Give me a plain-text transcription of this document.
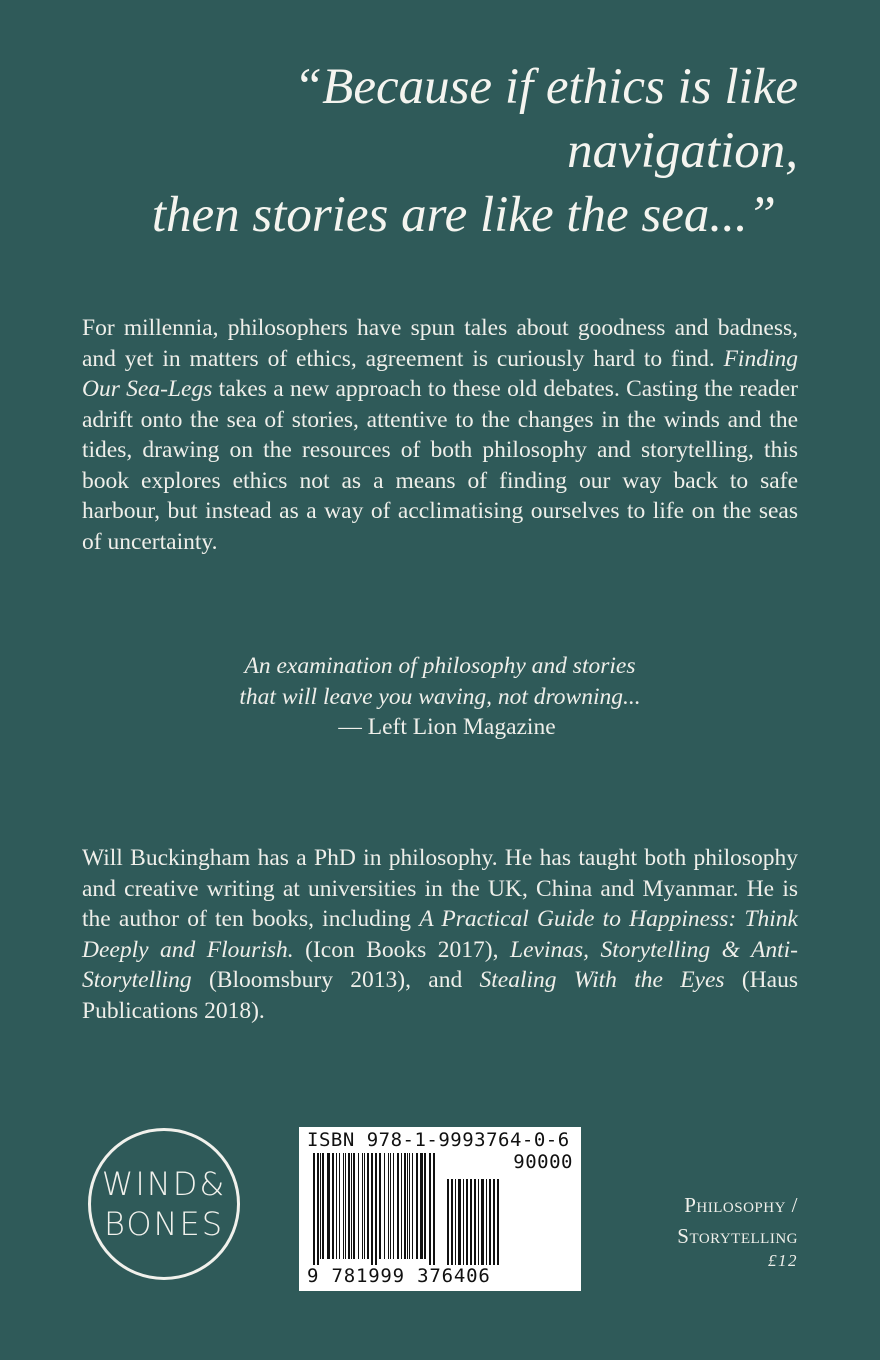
“Because if ethics is like navigation,
then stories are like the sea...”

For millennia, philosophers have spun tales about goodness and badness, and yet in matters of ethics, agreement is curiously hard to find. Finding Our Sea-Legs takes a new approach to these old debates. Casting the reader adrift onto the sea of stories, attentive to the changes in the winds and the tides, drawing on the resources of both philosophy and storytelling, this book explores ethics not as a means of finding our way back to safe harbour, but instead as a way of acclimatising ourselves to life on the seas of uncertainty.

An examination of philosophy and stories
that will leave you waving, not drowning...
— Left Lion Magazine

Will Buckingham has a PhD in philosophy. He has taught both philosophy and creative writing at universities in the UK, China and Myanmar. He is the author of ten books, including A Practical Guide to Happiness: Think Deeply and Flourish. (Icon Books 2017), Levinas, Storytelling & Anti-Storytelling (Bloomsbury 2013), and Stealing With the Eyes (Haus Publications 2018).

WIND&
BONES
ISBN 978-1-9993764-0-6
90000
9 781999 376406
Philosophy /
Storytelling
£12
